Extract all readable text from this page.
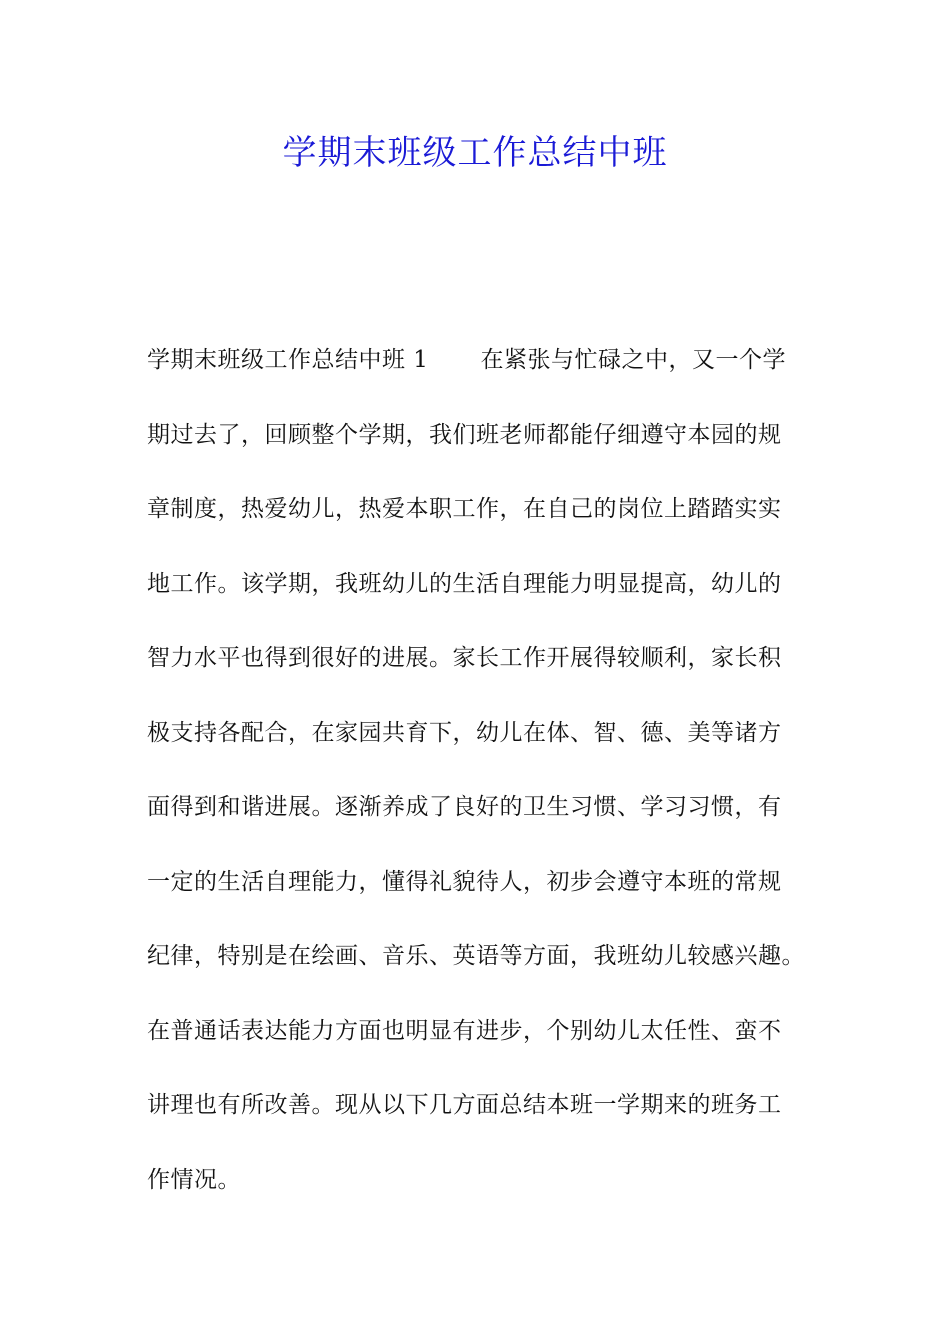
学期末班级工作总结中班
学期末班级工作总结中班 1 在紧张与忙碌之中，又一个学
期过去了，回顾整个学期，我们班老师都能仔细遵守本园的规
章制度，热爱幼儿，热爱本职工作，在自己的岗位上踏踏实实
地工作。该学期，我班幼儿的生活自理能力明显提高，幼儿的
智力水平也得到很好的进展。家长工作开展得较顺利，家长积
极支持各配合，在家园共育下，幼儿在体、智、德、美等诸方
面得到和谐进展。逐渐养成了良好的卫生习惯、学习习惯，有
一定的生活自理能力，懂得礼貌待人，初步会遵守本班的常规
纪律，特别是在绘画、音乐、英语等方面，我班幼儿较感兴趣。
在普通话表达能力方面也明显有进步，个别幼儿太任性、蛮不
讲理也有所改善。现从以下几方面总结本班一学期来的班务工
作情况。
